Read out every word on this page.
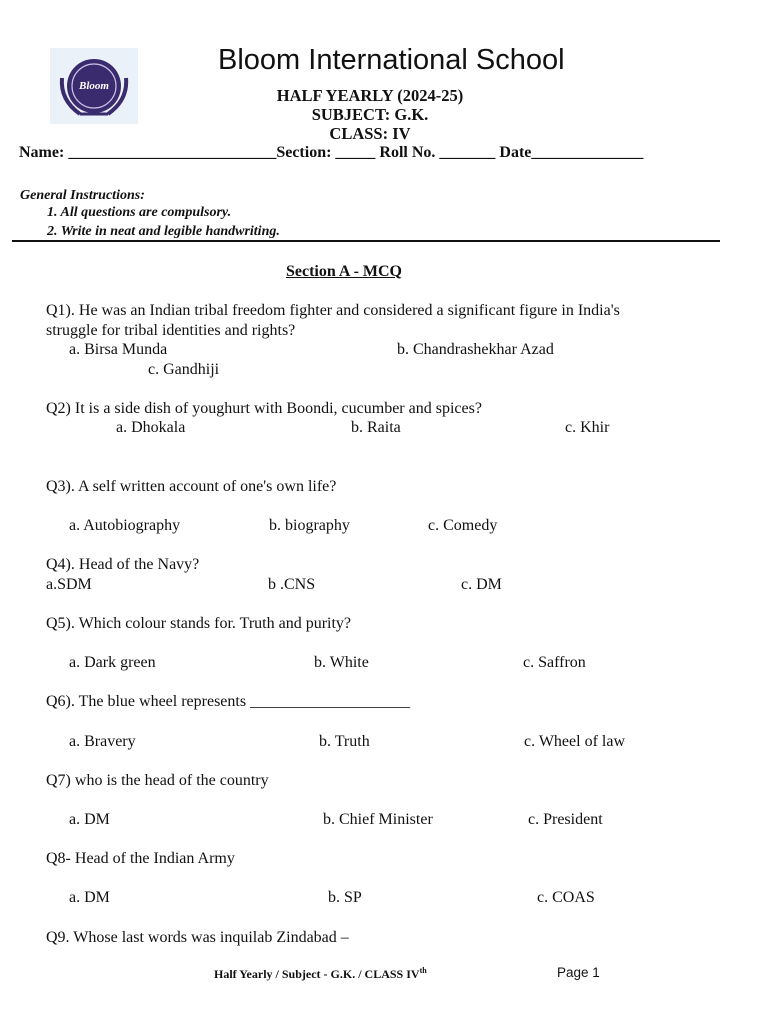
Bloom
Bloom International School
HALF YEARLY (2024-25)
SUBJECT: G.K.
CLASS: IV
Name: __________________________Section: _____ Roll No. _______ Date______________
General Instructions:
1. All questions are compulsory.
2. Write in neat and legible handwriting.
Section A - MCQ
Q1). He was an Indian tribal freedom fighter and considered a significant figure in India's
struggle for tribal identities and rights?
a. Birsa Munda	b. Chandrashekhar Azad
c. Gandhiji
Q2) It is a side dish of youghurt with Boondi, cucumber and spices?
a. Dhokala	b. Raita	c. Khir
Q3). A self written account of one's own life?
a. Autobiography	b. biography	c. Comedy
Q4). Head of the Navy?
a.SDM	b .CNS	c. DM
Q5). Which colour stands for. Truth and purity?
a. Dark green	b. White	c. Saffron
Q6). The blue wheel represents ____________________
a. Bravery	b. Truth	c. Wheel of law
Q7) who is the head of the country
a. DM	b. Chief Minister	c. President
Q8- Head of the Indian Army
a. DM	b. SP	c. COAS
Q9. Whose last words was inquilab Zindabad –
Half Yearly / Subject - G.K. / CLASS IVth	Page 1
